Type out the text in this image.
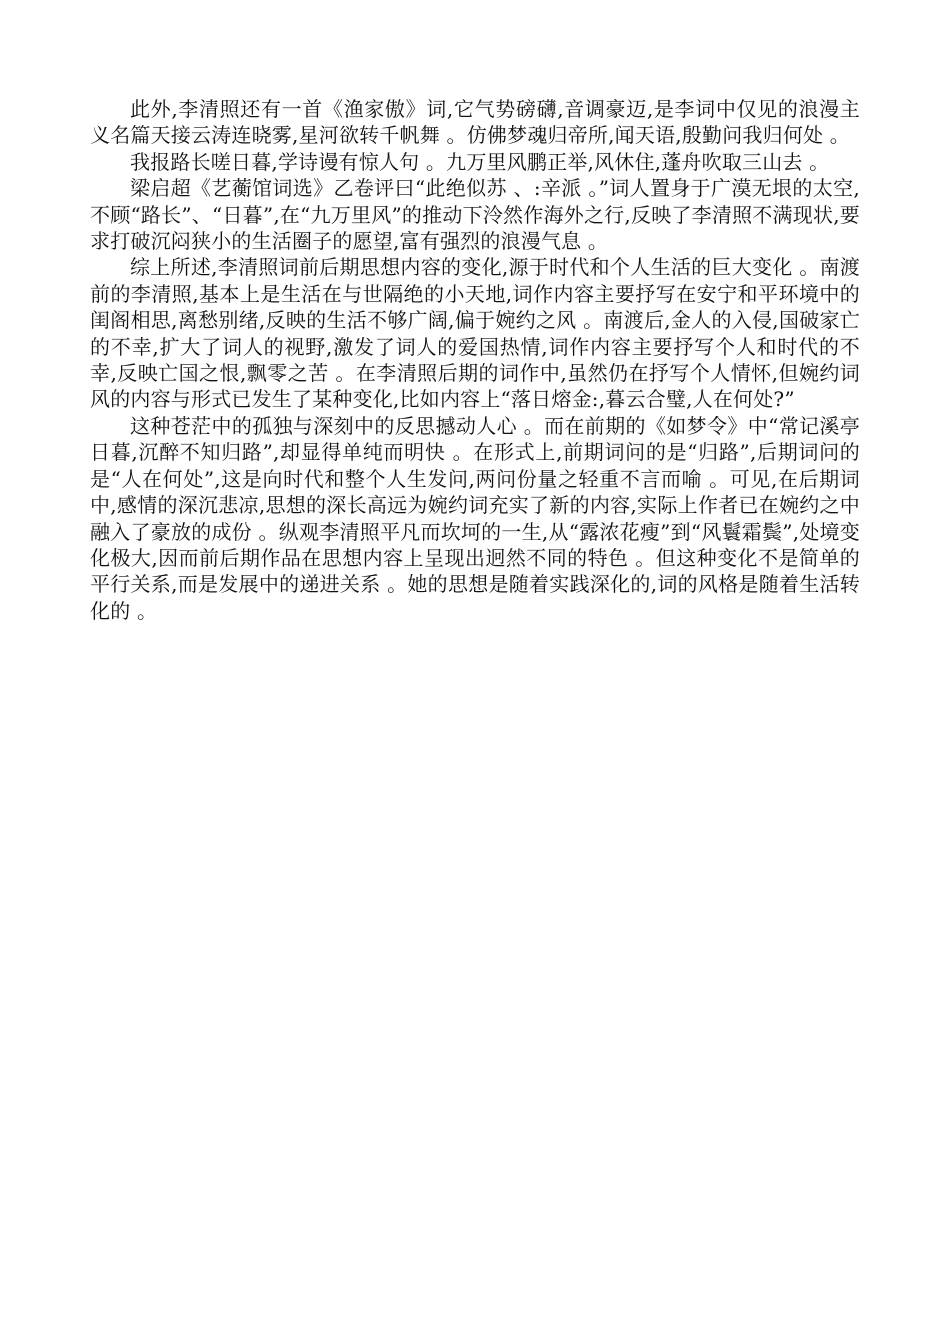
此外,李清照还有一首《渔家傲》词,它气势磅礴,音调豪迈,是李词中仅见的浪漫主义名篇天接云涛连晓雾,星河欲转千帆舞 。仿佛梦魂归帝所,闻天语,殷勤问我归何处 。

我报路长嗟日暮,学诗谩有惊人句 。九万里风鹏正举,风休住,蓬舟吹取三山去 。

梁启超《艺蘅馆词选》乙卷评曰“此绝似苏 、:辛派 。”词人置身于广漠无垠的太空,不顾“路长”、“日暮”,在“九万里风”的推动下泠然作海外之行,反映了李清照不满现状,要求打破沉闷狭小的生活圈子的愿望,富有强烈的浪漫气息 。

综上所述,李清照词前后期思想内容的变化,源于时代和个人生活的巨大变化 。南渡前的李清照,基本上是生活在与世隔绝的小天地,词作内容主要抒写在安宁和平环境中的闺阁相思,离愁别绪,反映的生活不够广阔,偏于婉约之风 。南渡后,金人的入侵,国破家亡的不幸,扩大了词人的视野,激发了词人的爱国热情,词作内容主要抒写个人和时代的不幸,反映亡国之恨,飘零之苦 。在李清照后期的词作中,虽然仍在抒写个人情怀,但婉约词风的内容与形式已发生了某种变化,比如内容上“落日熔金:,暮云合璧,人在何处?”

这种苍茫中的孤独与深刻中的反思撼动人心 。而在前期的《如梦令》中“常记溪亭日暮,沉醉不知归路”,却显得单纯而明快 。在形式上,前期词问的是“归路”,后期词问的是“人在何处”,这是向时代和整个人生发问,两问份量之轻重不言而喻 。可见,在后期词中,感情的深沉悲凉,思想的深长高远为婉约词充实了新的内容,实际上作者已在婉约之中融入了豪放的成份 。纵观李清照平凡而坎坷的一生,从“露浓花瘦”到“风鬟霜鬓”,处境变化极大,因而前后期作品在思想内容上呈现出迥然不同的特色 。但这种变化不是简单的平行关系,而是发展中的递进关系 。她的思想是随着实践深化的,词的风格是随着生活转化的 。
